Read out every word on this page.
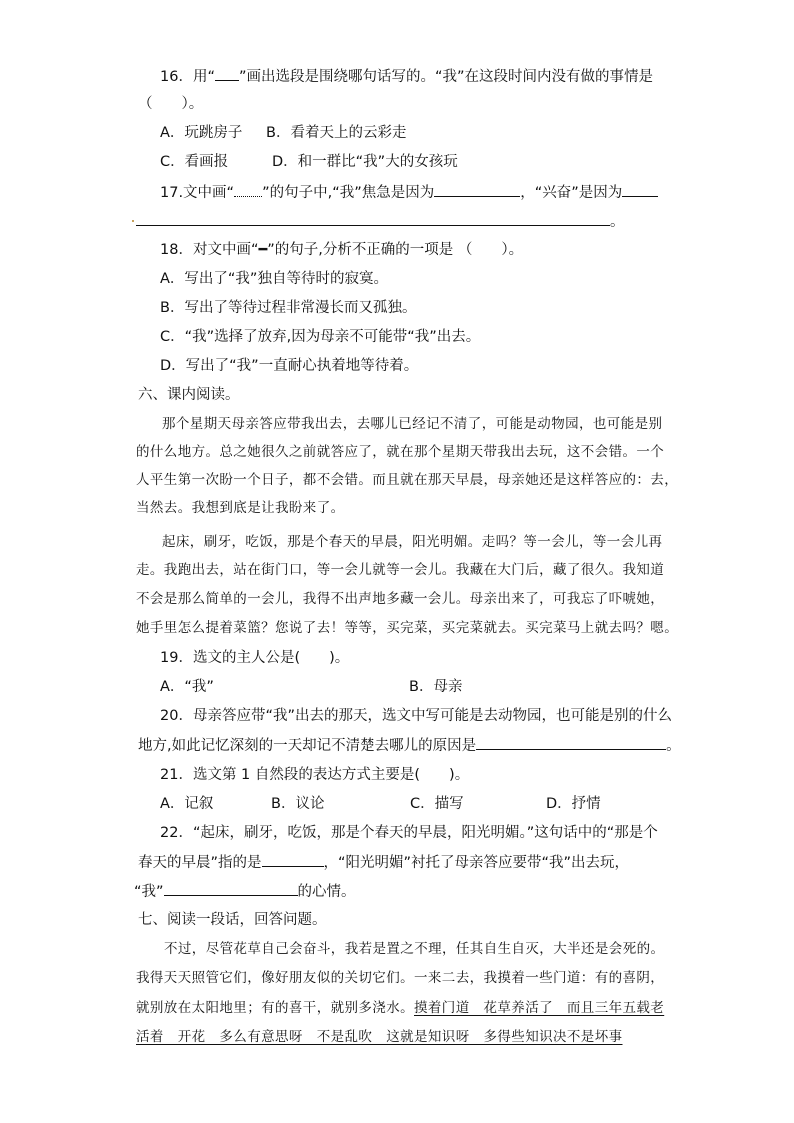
16．用“ ”画出选段是围绕哪句话写的。“我”在这段时间内没有做的事情是
（　　）。
A．玩跳房子 B．看着天上的云彩走
C．看画报	D．和一群比“我”大的女孩玩
17.文中画“ ”的句子中,“我”焦急是因为	，“兴奋”是因为
。
18．对文中画“━”的句子,分析不正确的一项是 （　　）。
A．写出了“我”独自等待时的寂寞。
B．写出了等待过程非常漫长而又孤独。
C．“我”选择了放弃,因为母亲不可能带“我”出去。
D．写出了“我”一直耐心执着地等待着。
六、课内阅读。
那个星期天母亲答应带我出去，去哪儿已经记不清了，可能是动物园，也可能是别
的什么地方。总之她很久之前就答应了，就在那个星期天带我出去玩，这不会错。一个
人平生第一次盼一个日子，都不会错。而且就在那天早晨，母亲她还是这样答应的：去，
当然去。我想到底是让我盼来了。
起床，刷牙，吃饭，那是个春天的早晨，阳光明媚。走吗？等一会儿，等一会儿再
走。我跑出去，站在街门口，等一会儿就等一会儿。我藏在大门后，藏了很久。我知道
不会是那么简单的一会儿，我得不出声地多藏一会儿。母亲出来了，可我忘了吓唬她，
她手里怎么提着菜篮？您说了去！等等，买完菜，买完菜就去。买完菜马上就去吗？嗯。
19．选文的主人公是(　　)。
A．“我”	B．母亲
20．母亲答应带“我”出去的那天，选文中写可能是去动物园，也可能是别的什么
地方,如此记忆深刻的一天却记不清楚去哪儿的原因是	。
21．选文第 1 自然段的表达方式主要是(　　)。
A．记叙	B．议论	C．描写	D．抒情
22．“起床，刷牙，吃饭，那是个春天的早晨，阳光明媚。”这句话中的“那是个
春天的早晨”指的是	，“阳光明媚”衬托了母亲答应要带“我”出去玩，
“我”	的心情。
七、阅读一段话，回答问题。
不过，尽管花草自己会奋斗，我若是置之不理，任其自生自灭，大半还是会死的。
我得天天照管它们，像好朋友似的关切它们。一来二去，我摸着一些门道：有的喜阴，
就别放在太阳地里；有的喜干，就别多浇水。摸着门道　花草养活了　而且三年五载老
活着　开花　多么有意思呀　不是乱吹　这就是知识呀　多得些知识决不是坏事
